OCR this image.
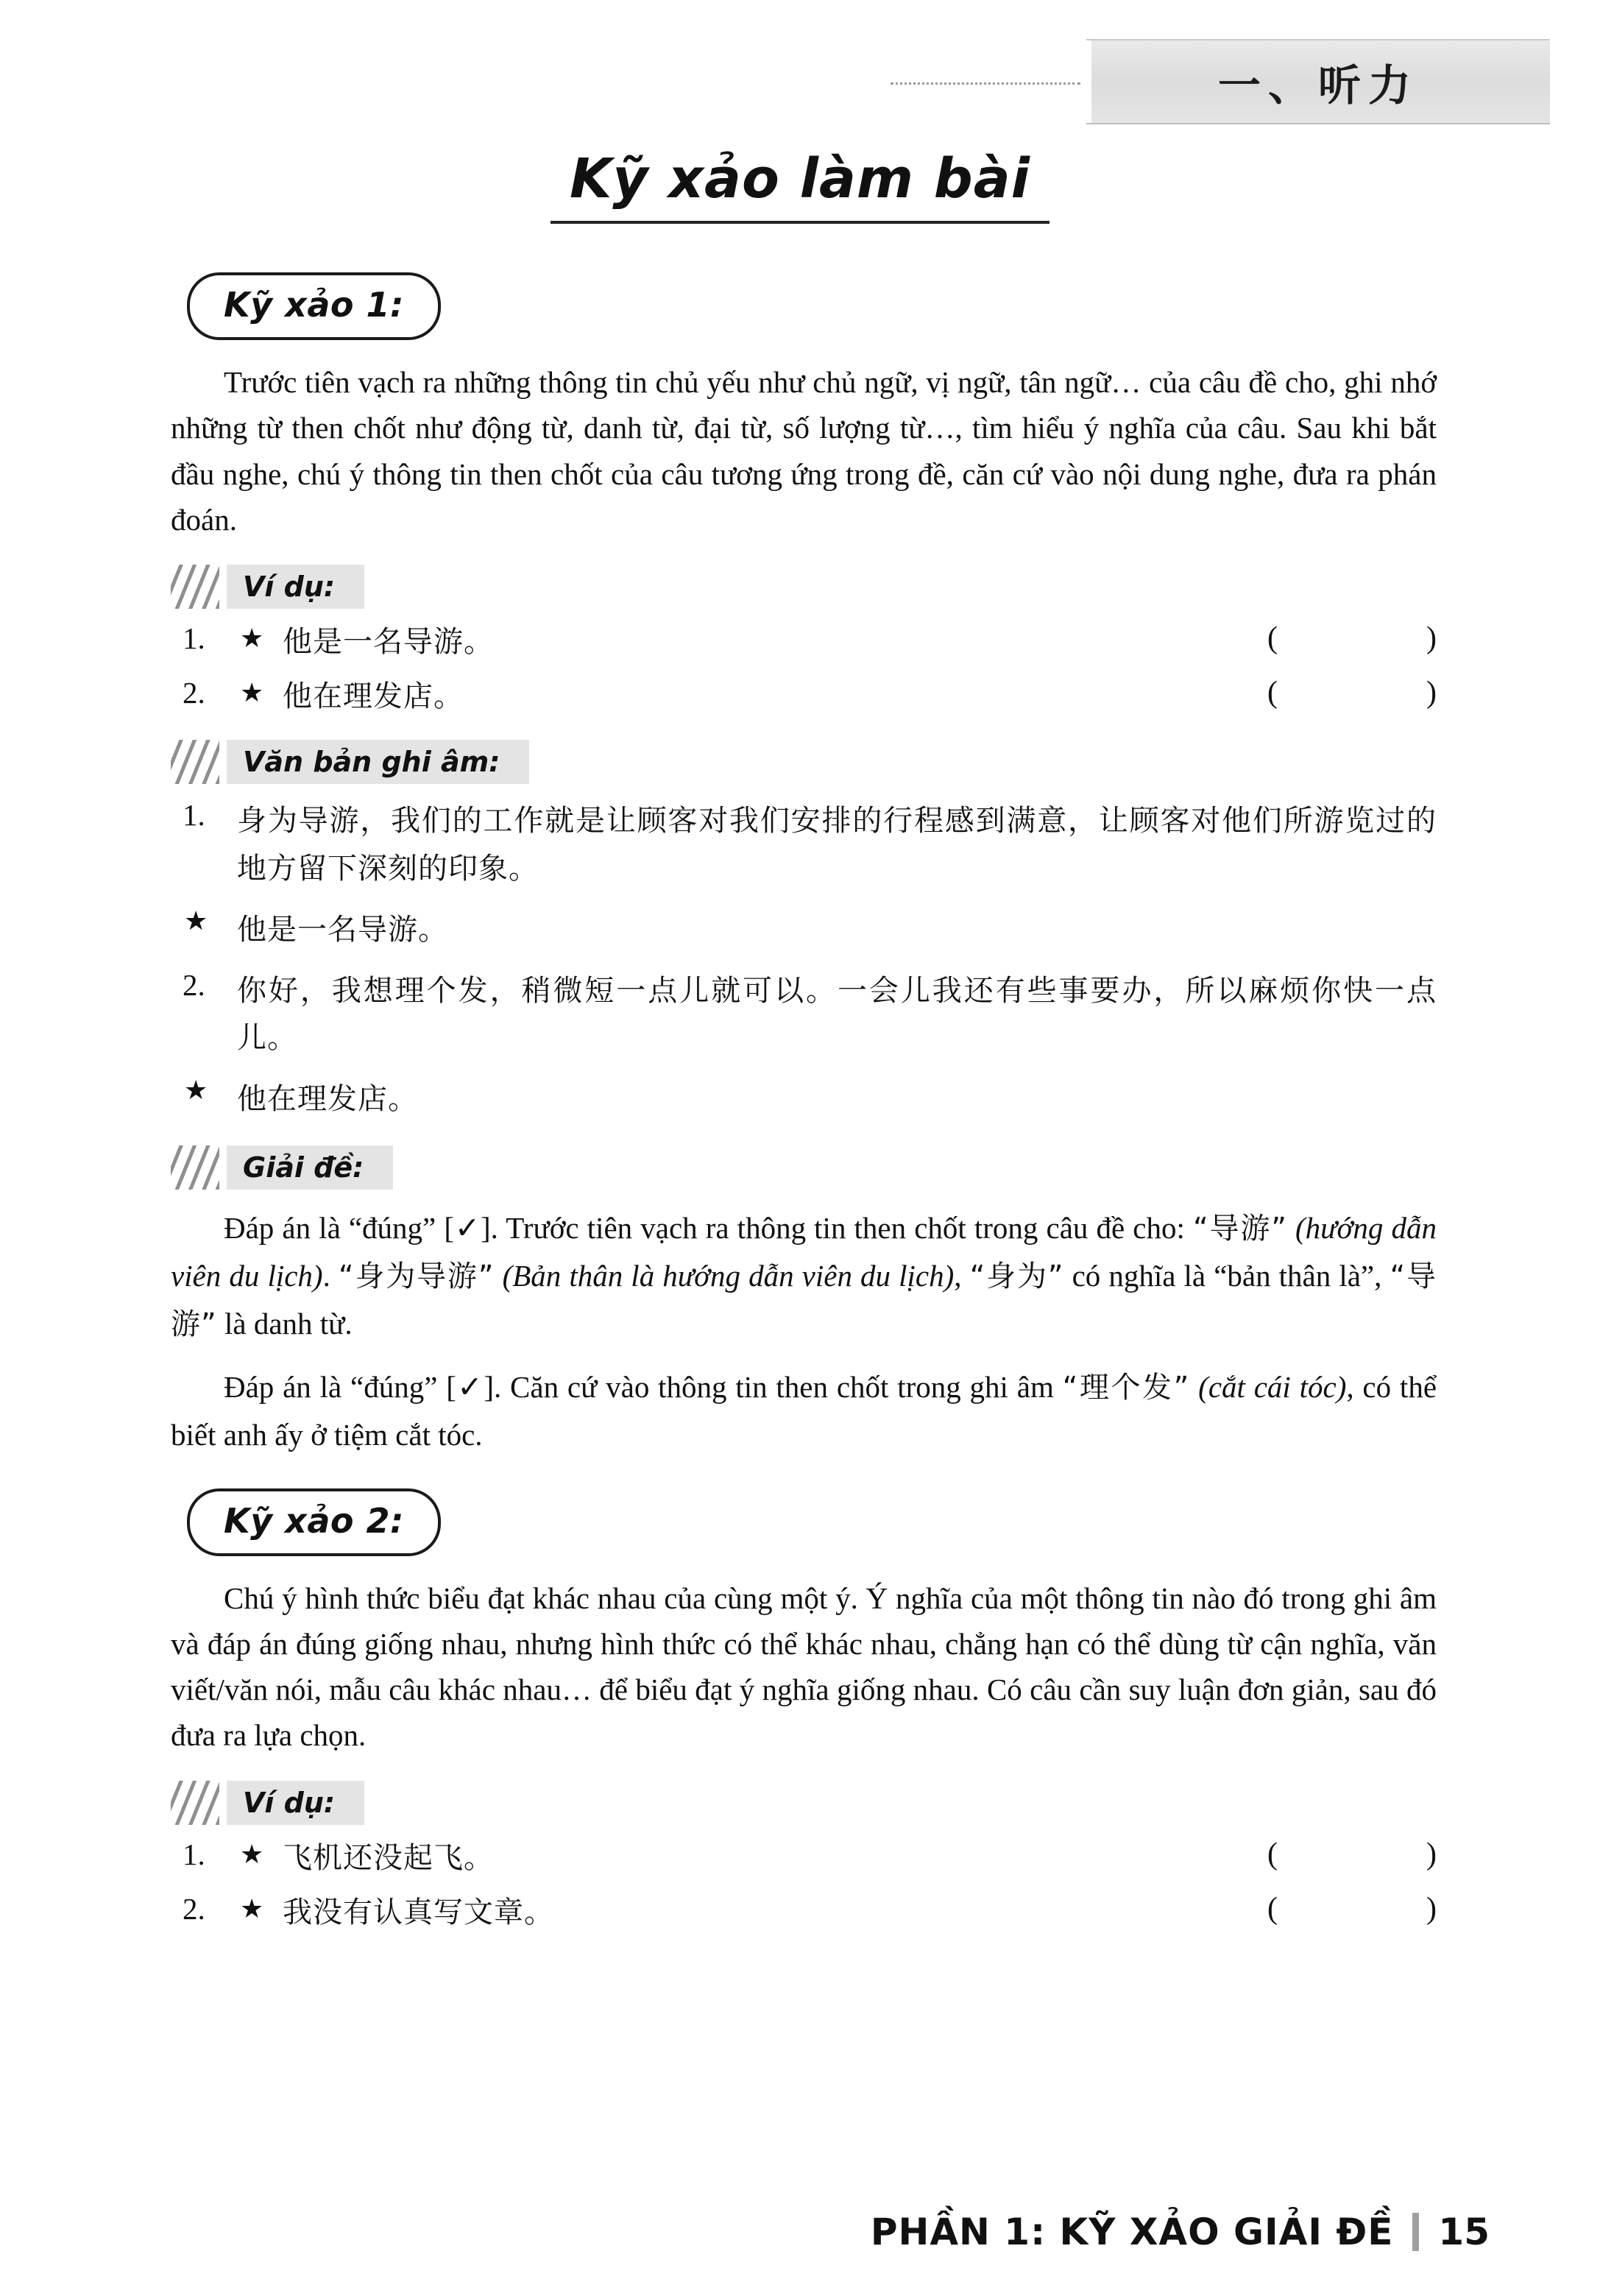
一、听力
Kỹ xảo làm bài
Kỹ xảo 1:

Trước tiên vạch ra những thông tin chủ yếu như chủ ngữ, vị ngữ, tân ngữ… của câu đề cho, ghi nhớ những từ then chốt như động từ, danh từ, đại từ, số lượng từ…, tìm hiểu ý nghĩa của câu. Sau khi bắt đầu nghe, chú ý thông tin then chốt của câu tương ứng trong đề, căn cứ vào nội dung nghe, đưa ra phán đoán.

Ví dụ:
1.	★ 他是一名导游。	(	)
2.	★ 他在理发店。	(	)
Văn bản ghi âm:
1.	身为导游，我们的工作就是让顾客对我们安排的行程感到满意，让顾客对他们所游览过的地方留下深刻的印象。
★ 他是一名导游。
2.	你好，我想理个发，稍微短一点儿就可以。一会儿我还有些事要办，所以麻烦你快一点儿。
★ 他在理发店。
Giải đề:

Đáp án là “đúng” [✓]. Trước tiên vạch ra thông tin then chốt trong câu đề cho: “导游” (hướng dẫn viên du lịch). “身为导游” (Bản thân là hướng dẫn viên du lịch), “身为” có nghĩa là “bản thân là”, “导游” là danh từ.

Đáp án là “đúng” [✓]. Căn cứ vào thông tin then chốt trong ghi âm “理个发” (cắt cái tóc), có thể biết anh ấy ở tiệm cắt tóc.

Kỹ xảo 2:

Chú ý hình thức biểu đạt khác nhau của cùng một ý. Ý nghĩa của một thông tin nào đó trong ghi âm và đáp án đúng giống nhau, nhưng hình thức có thể khác nhau, chẳng hạn có thể dùng từ cận nghĩa, văn viết/văn nói, mẫu câu khác nhau… để biểu đạt ý nghĩa giống nhau. Có câu cần suy luận đơn giản, sau đó đưa ra lựa chọn.

Ví dụ:
1.	★ 飞机还没起飞。	(	)
2.	★ 我没有认真写文章。	(	)
PHẦN 1: KỸ XẢO GIẢI ĐỀ 15
